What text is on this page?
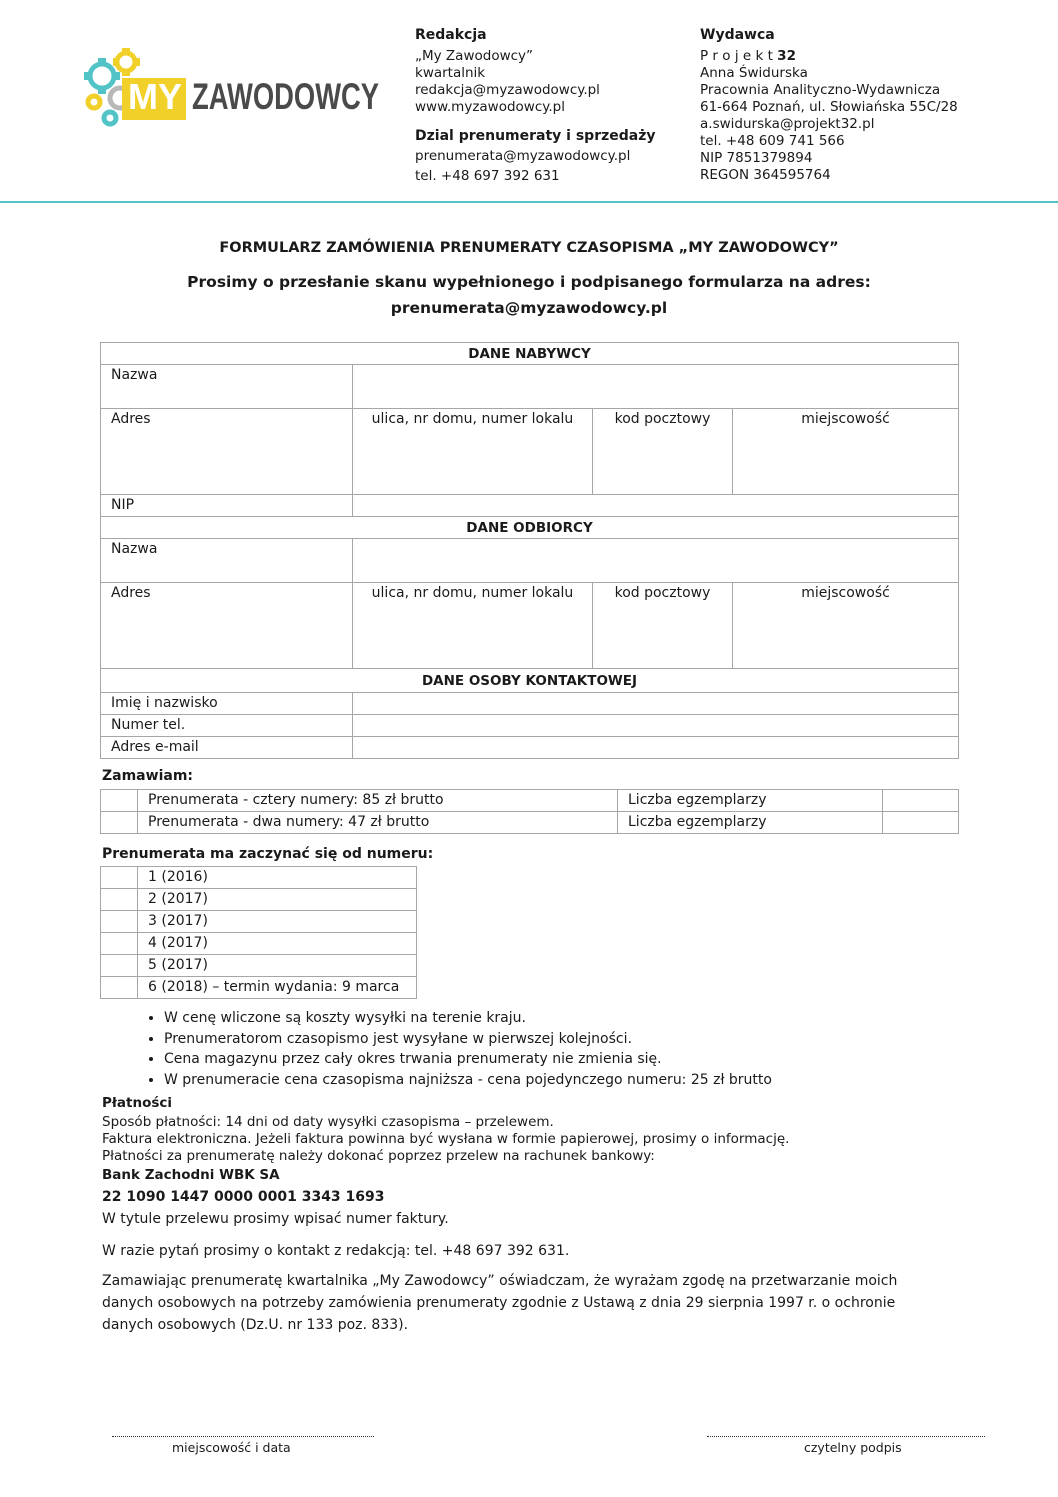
MY ZAWODOWCY
Redakcja
„My Zawodowcy”
kwartalnik
redakcja@myzawodowcy.pl
www.myzawodowcy.pl
Dzial prenumeraty i sprzedaży
prenumerata@myzawodowcy.pl
tel. +48 697 392 631
Wydawca
P r o j e k t 32
Anna Świdurska
Pracownia Analityczno-Wydawnicza
61-664 Poznań, ul. Słowiańska 55C/28
a.swidurska@projekt32.pl
tel. +48 609 741 566
NIP 7851379894
REGON 364595764
FORMULARZ ZAMÓWIENIA PRENUMERATY CZASOPISMA „MY ZAWODOWCY”
Prosimy o przesłanie skanu wypełnionego i podpisanego formularza na adres:
prenumerata@myzawodowcy.pl
DANE NABYWCY			
Nazwa			
Adres	ulica, nr domu, numer lokalu	kod pocztowy	miejscowość
NIP			
DANE ODBIORCY			
Nazwa			
Adres	ulica, nr domu, numer lokalu	kod pocztowy	miejscowość
DANE OSOBY KONTAKTOWEJ			
Imię i nazwisko			
Numer tel.			
Adres e-mail			
Zamawiam:
	Prenumerata - cztery numery: 85 zł brutto	Liczba egzemplarzy	
	Prenumerata - dwa numery: 47 zł brutto	Liczba egzemplarzy	
Prenumerata ma zaczynać się od numeru:
	1 (2016)
	2 (2017)
	3 (2017)
	4 (2017)
	5 (2017)
	6 (2018) – termin wydania: 9 marca
• W cenę wliczone są koszty wysyłki na terenie kraju.
• Prenumeratorom czasopismo jest wysyłane w pierwszej kolejności.
• Cena magazynu przez cały okres trwania prenumeraty nie zmienia się.
• W prenumeracie cena czasopisma najniższa - cena pojedynczego numeru: 25 zł brutto
Płatności
Sposób płatności: 14 dni od daty wysyłki czasopisma – przelewem.
Faktura elektroniczna. Jeżeli faktura powinna być wysłana w formie papierowej, prosimy o informację.
Płatności za prenumeratę należy dokonać poprzez przelew na rachunek bankowy:
Bank Zachodni WBK SA
22 1090 1447 0000 0001 3343 1693
W tytule przelewu prosimy wpisać numer faktury.
W razie pytań prosimy o kontakt z redakcją: tel. +48 697 392 631.
Zamawiając prenumeratę kwartalnika „My Zawodowcy” oświadczam, że wyrażam zgodę na przetwarzanie moich
danych osobowych na potrzeby zamówienia prenumeraty zgodnie z Ustawą z dnia 29 sierpnia 1997 r. o ochronie
danych osobowych (Dz.U. nr 133 poz. 833).
miejscowość i data	czytelny podpis
